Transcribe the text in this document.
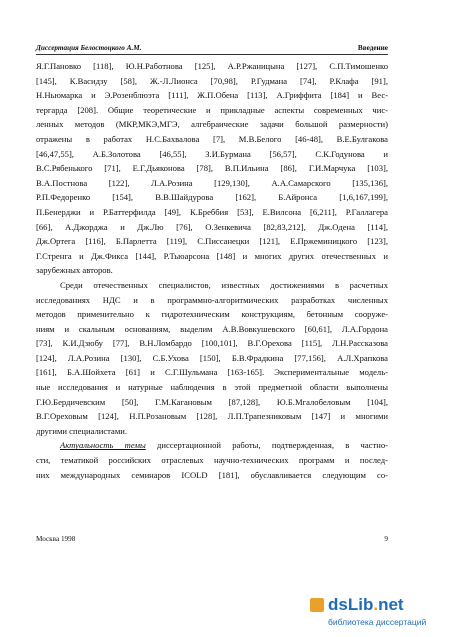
Диссертация Белостоцкого А.М.	Введение
Я.Г.Пановко [118], Ю.Н.Работнова [125], А.Р.Ржаницына [127], С.П.Тимошенко
[145], К.Васидзу [58], Ж.-Л.Лионса [70,98], Р.Гудмана [74], Р.Клафа [91],
Н.Ньюмарка и Э.Розенблюэта [111], Ж.П.Обена [113], А.Гриффита [184] и Вес-
тергарда [208]. Общие теоретические и прикладные аспекты современных чис-
ленных методов (МКР,МКЭ,МГЭ, алгебраические задачи большой размерности)
отражены в работах Н.С.Бахвалова [7], М.В.Белого [46-48], В.Е.Булгакова
[46,47,55], А.Б.Золотова [46,55], З.И.Бурмана [56,57], С.К.Годунова и
В.С.Рябенького [71], Е.Г.Дьяконова [78], В.П.Ильина [86], Г.И.Марчука [103],
В.А.Постнова [122], Л.А.Розина [129,130], А.А.Самарского [135,136],
Р.П.Федоренко [154], В.В.Шайдурова [162], Б.Айронса [1,6,167,199],
П.Бенерджи и Р.Баттерфилда [49], К.Бреббия [53], Е.Вилсона [6,211], Р.Галлагера
[66], А.Джорджа и Дж.Лю [76], О.Зенкевича [82,83,212], Дж.Одена [114],
Дж.Ортега [116], Б.Парлетта [119], С.Писсанецки [121], Е.Пржеминицкого [123],
Г.Стренга и Дж.Фикса [144], Р.Тьюарсона [148] и многих других отечественных и
зарубежных авторов.
Среди отечественных специалистов, известных достижениями в расчетных
исследованиях НДС и в программно-алгоритмических разработках численных
методов применительно к гидротехническим конструкциям, бетонным сооруже-
ниям и скальным основаниям, выделим А.В.Вовкушевского [60,61], Л.А.Гордона
[73], К.И.Дзюбу [77], В.Н.Ломбардо [100,101], В.Г.Орехова [115], Л.Н.Рассказова
[124], Л.А.Розина [130], С.Б.Ухова [150], Б.В.Фрадкина [77,156], А.Л.Храпкова
[161], Б.А.Шойхета [61] и С.Г.Шульмана [163-165]. Экспериментальные модель-
ные исследования и натурные наблюдения в этой предметной области выполнены
Г.Ю.Бердичевским [50], Г.М.Кагановым [87,128], Ю.Б.Мгалобеловым [104],
В.Г.Ореховым [124], Н.П.Розановым [128], Л.П.Трапезниковым [147] и многими
другими специалистами.
Актуальность темы диссертационной работы, подтвержденная, в частно-
сти, тематикой российских отраслевых научно-технических программ и послед-
них международных семинаров ICOLD [181], обуславливается следующим со-
Москва 1998	9
dsLib.net
библиотека диссертаций
